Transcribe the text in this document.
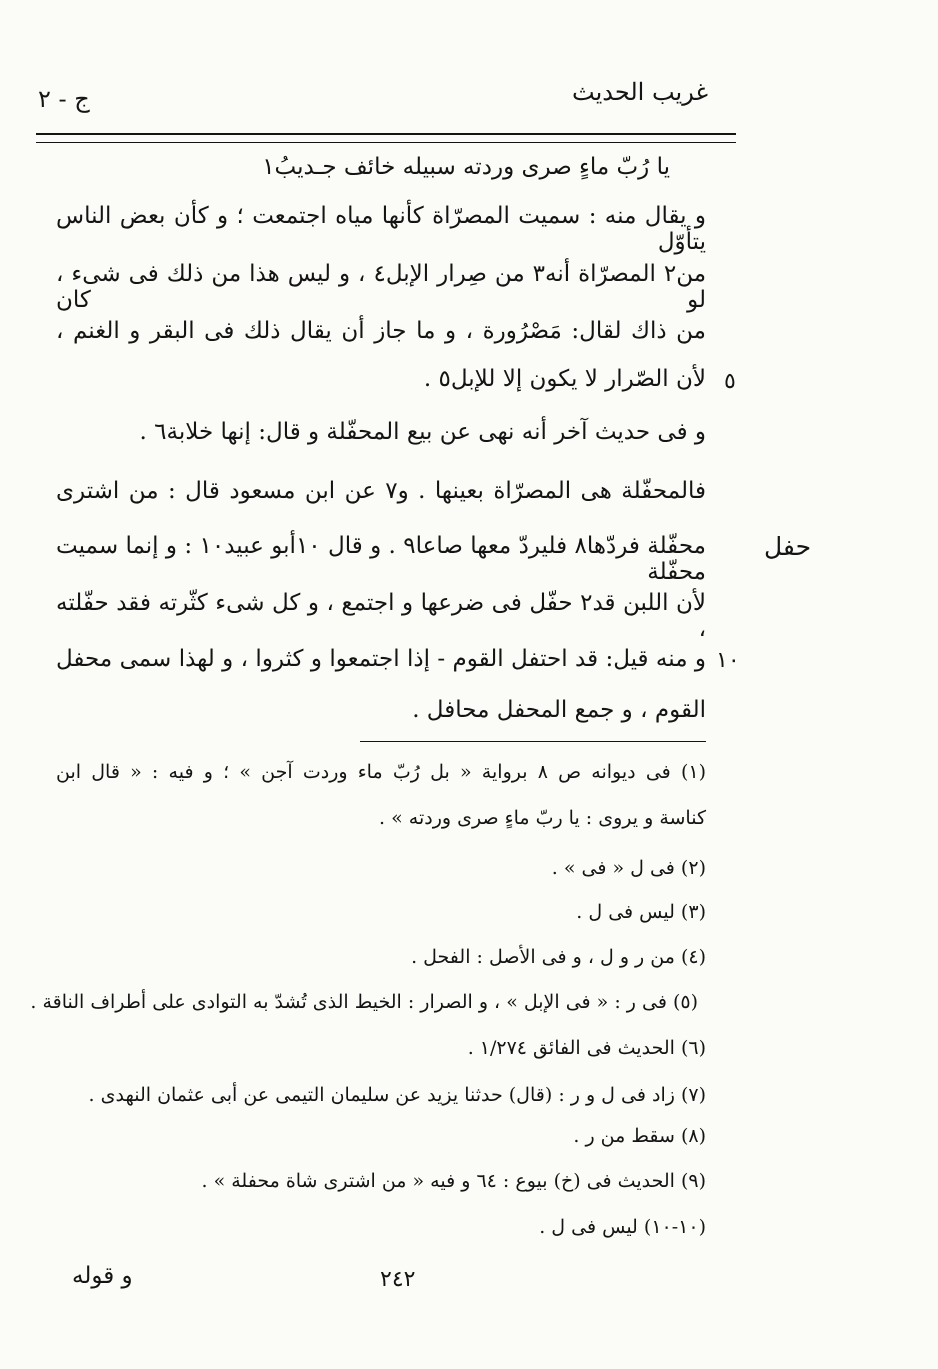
غريب الحديث
ج - ٢
يا رُبّ ماءٍ صرى وردته سبيله خائف جـديبُ١
و يقال منه : سميت المصرّاة كأنها مياه اجتمعت ؛ و كأن بعض الناس يتأوّل
من٢ المصرّاة أنه٣ من صِرار الإبل٤ ، و ليس هذا من ذلك فى شىء ، لو كان
من ذاك لقال: مَصْرُورة ، و ما جاز أن يقال ذلك فى البقر و الغنم ،
لأن الصّرار لا يكون إلا للإبل٥ . ٥
و فى حديث آخر أنه نهى عن بيع المحفّلة و قال: إنها خلابة٦ .
فالمحفّلة هى المصرّاة بعينها . و٧ عن ابن مسعود قال : من اشترى
محفّلة فردّها٨ فليردّ معها صاعا٩ . و قال ١٠أبو عبيد١٠ : و إنما سميت محفّلة
حفل
لأن اللبن قد٢ حفّل فى ضرعها و اجتمع ، و كل شىء كثّرته فقد حفّلته ،
و منه قيل: قد احتفل القوم - إذا اجتمعوا و كثروا ، و لهذا سمى محفل ١٠
القوم ، و جمع المحفل محافل .
(١) فى ديوانه ص ٨ برواية « بل رُبّ ماء وردت آجن » ؛ و فيه : « قال ابن
كناسة و يروى : يا ربّ ماءٍ صرى وردته » .
(٢) فى ل « فى » .
(٣) ليس فى ل .
(٤) من ر و ل ، و فى الأصل : الفحل .
(٥) فى ر : « فى الإبل » ، و الصرار : الخيط الذى تُشدّ به التوادى على أطراف الناقة .
(٦) الحديث فى الفائق ١/٢٧٤ .
(٧) زاد فى ل و ر : (قال) حدثنا يزيد عن سليمان التيمى عن أبى عثمان النهدى .
(٨) سقط من ر .
(٩) الحديث فى (خ) بيوع : ٦٤ و فيه « من اشترى شاة محفلة » .
(١٠-١٠) ليس فى ل .
٢٤٢
و قوله
